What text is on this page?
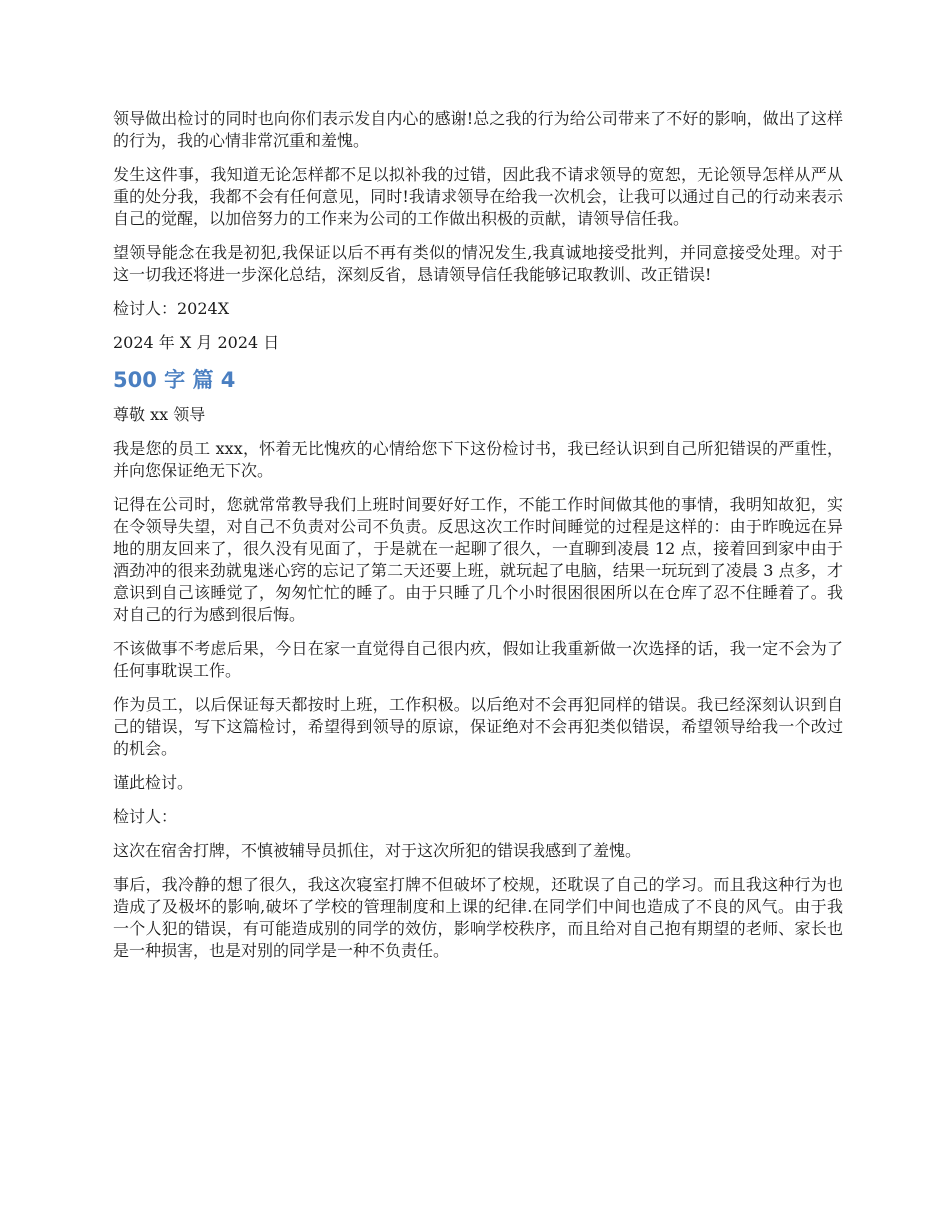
领导做出检讨的同时也向你们表示发自内心的感谢!总之我的行为给公司带来了不好的影响，做出了这样的行为，我的心情非常沉重和羞愧。

发生这件事，我知道无论怎样都不足以拟补我的过错，因此我不请求领导的宽恕，无论领导怎样从严从重的处分我，我都不会有任何意见，同时!我请求领导在给我一次机会，让我可以通过自己的行动来表示自己的觉醒，以加倍努力的工作来为公司的工作做出积极的贡献，请领导信任我。

望领导能念在我是初犯,我保证以后不再有类似的情况发生,我真诚地接受批判，并同意接受处理。对于这一切我还将进一步深化总结，深刻反省，恳请领导信任我能够记取教训、改正错误!

检讨人：2024X

2024 年 X 月 2024 日

500 字 篇 4

尊敬 xx 领导

我是您的员工 xxx，怀着无比愧疚的心情给您下下这份检讨书，我已经认识到自己所犯错误的严重性，并向您保证绝无下次。

记得在公司时，您就常常教导我们上班时间要好好工作，不能工作时间做其他的事情，我明知故犯，实在令领导失望，对自己不负责对公司不负责。反思这次工作时间睡觉的过程是这样的：由于昨晚远在异地的朋友回来了，很久没有见面了，于是就在一起聊了很久，一直聊到凌晨 12 点，接着回到家中由于酒劲冲的很来劲就鬼迷心窍的忘记了第二天还要上班，就玩起了电脑，结果一玩玩到了凌晨 3 点多，才意识到自己该睡觉了，匆匆忙忙的睡了。由于只睡了几个小时很困很困所以在仓库了忍不住睡着了。我对自己的行为感到很后悔。

不该做事不考虑后果，今日在家一直觉得自己很内疚，假如让我重新做一次选择的话，我一定不会为了任何事耽误工作。

作为员工，以后保证每天都按时上班，工作积极。以后绝对不会再犯同样的错误。我已经深刻认识到自己的错误，写下这篇检讨，希望得到领导的原谅，保证绝对不会再犯类似错误，希望领导给我一个改过的机会。

谨此检讨。

检讨人：

这次在宿舍打牌，不慎被辅导员抓住，对于这次所犯的错误我感到了羞愧。

事后，我冷静的想了很久，我这次寝室打牌不但破坏了校规，还耽误了自己的学习。而且我这种行为也造成了及极坏的影响,破坏了学校的管理制度和上课的纪律.在同学们中间也造成了不良的风气。由于我一个人犯的错误，有可能造成别的同学的效仿，影响学校秩序，而且给对自己抱有期望的老师、家长也是一种损害，也是对别的同学是一种不负责任。
